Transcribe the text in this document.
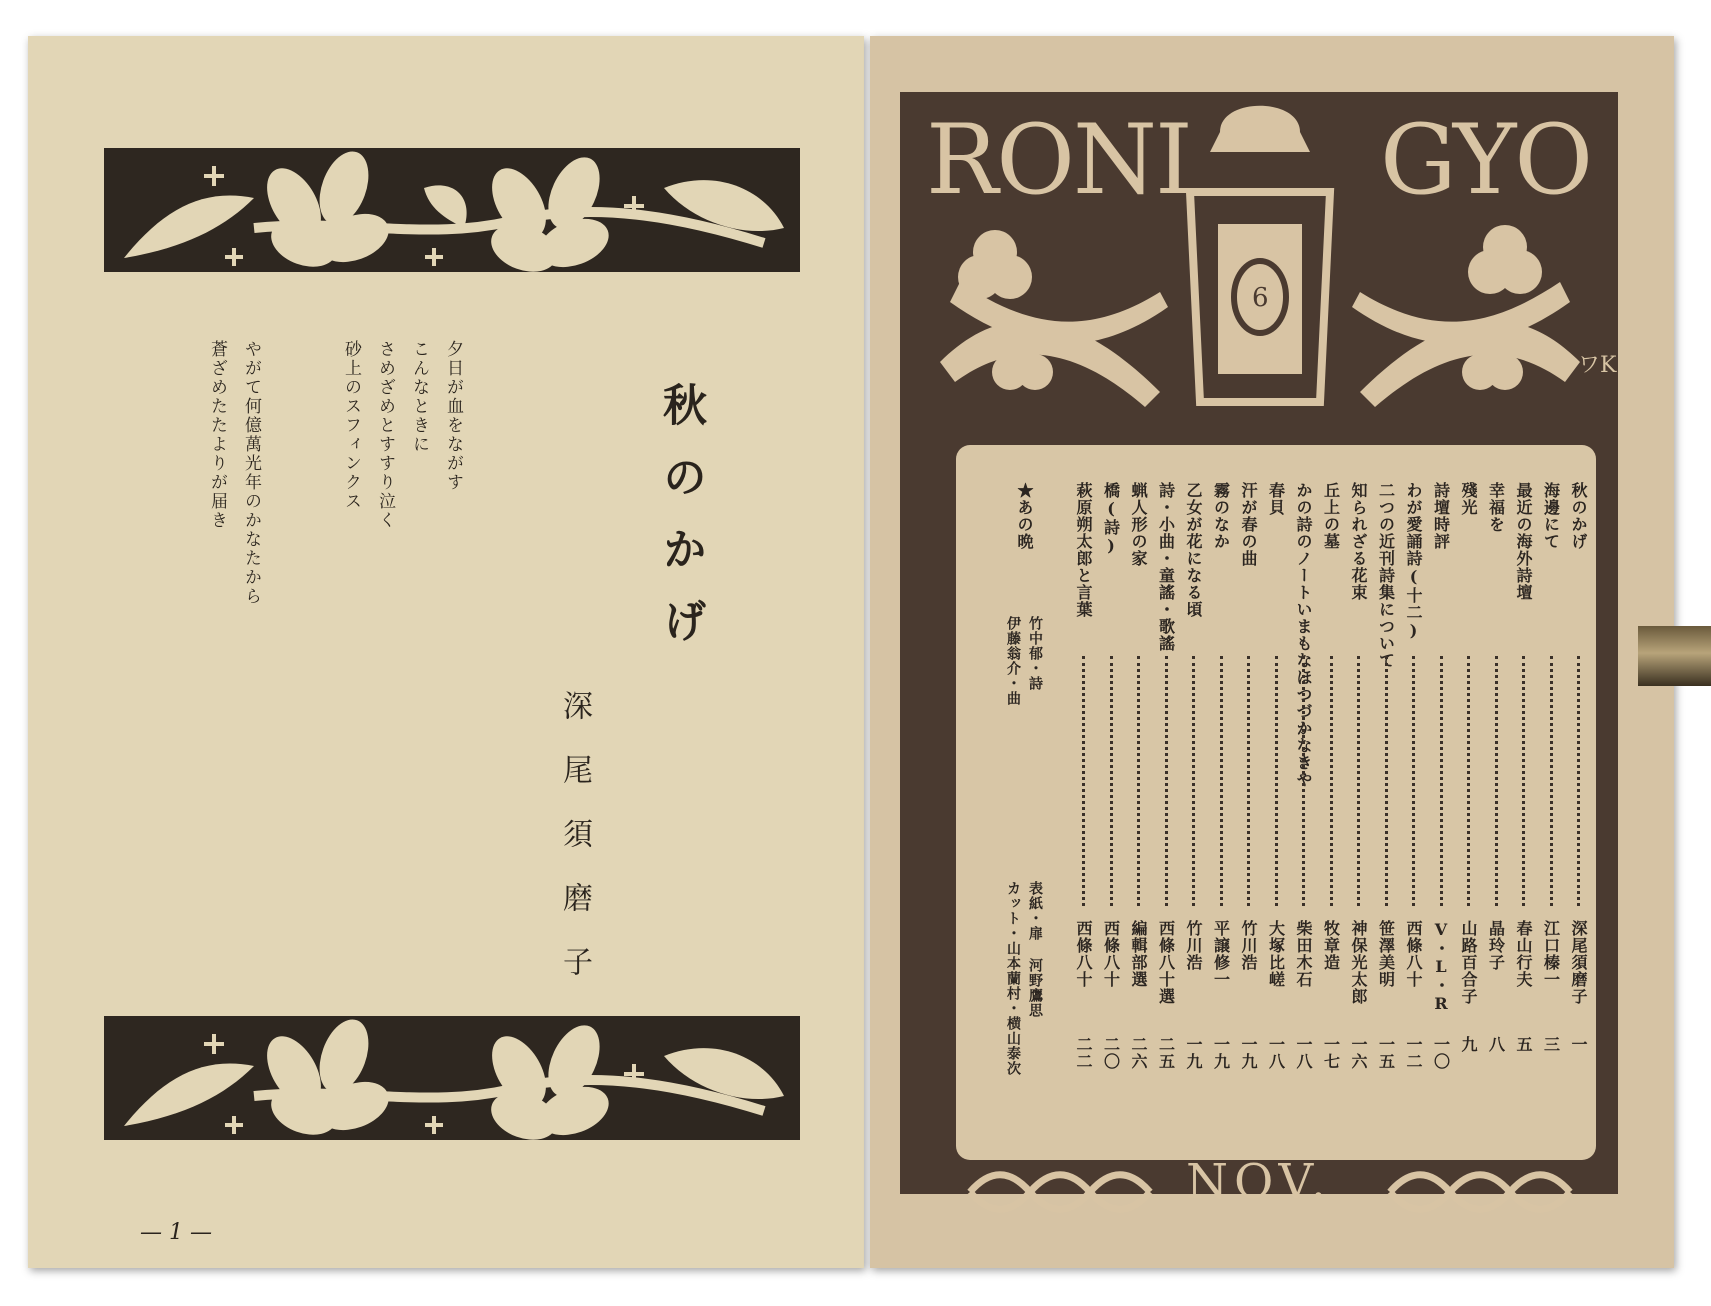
秋のかげ
深尾須磨子
夕日が血をながす
こんなときに
さめざめとすすり泣く
砂上のスフィンクス
やがて何億萬光年のかなたから
蒼ざめたたよりが届き
— 1 —
RONI GYO
6
ワK
★あの晩
竹中郁・詩
伊藤翁介・曲
表紙・扉 河野鷹思
カット・山本蘭村・横山泰次
NOV.
秋のかげ
深尾須磨子
一
海邊にて
江口榛一
三
最近の海外詩壇
春山行夫
五
幸福を
晶玲子
八
殘光
山路百合子
九
詩壇時評
V・L・R
一〇
わが愛誦詩(十二)
西條八十
一二
二つの近刊詩集について
笹澤美明
一五
知られざる花束
神保光太郎
一六
丘上の墓
牧章造
一七
かの詩のノートいまもなほつづかなきや
柴田木石
一八
春貝
大塚比嵯
一八
汗が春の曲
竹川浩
一九
霧のなか
平譲修一
一九
乙女が花になる頃
竹川浩
一九
詩・小曲・童謠・歌謠
西條八十選
二五
蝋人形の家
編輯部選
二六
橋(詩)
西條八十
二〇
萩原朔太郎と言葉
西條八十
二二
